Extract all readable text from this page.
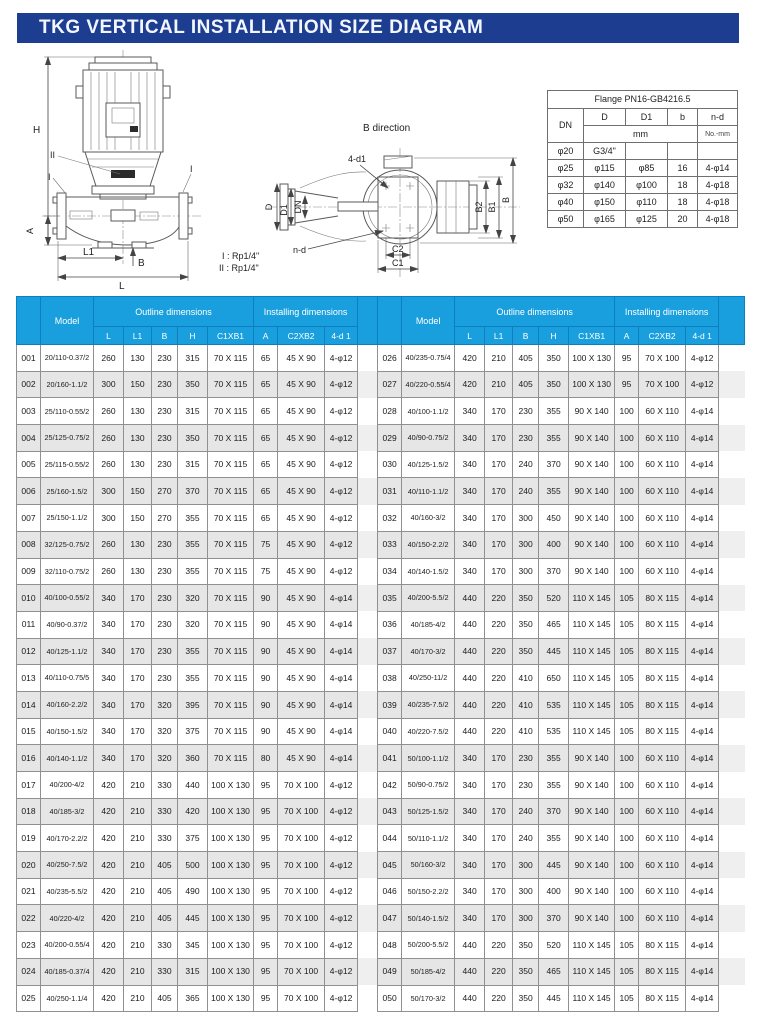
TKG VERTICAL INSTALLATION SIZE DIAGRAM
H
A
II
I
I
L1
B
L
I : Rp1/4"
II : Rp1/4"
B direction
D D1 DN
4-d1
n-d
B2 B1
B
C2
C1
Flange PN16-GB4216.5				
DN	D	D1	b	n-d
	mm			No.-mm
φ20	G3/4"			
φ25	φ115	φ85	16	4-φ14
φ32	φ140	φ100	18	4-φ18
φ40	φ150	φ110	18	4-φ18
φ50	φ165	φ125	20	4-φ18
	Model	Outline dimensions					Installing dimensions					Model	Outline dimensions					Installing dimensions			
		L	L1	B	H	C1XB1	A	C2XB2	4-d 1				L	L1	B	H	C1XB1	A	C2XB2	4-d 1	
001	20/110-0.37/2	260	130	230	315	70 X 115	65	45 X 90	4-φ12		026	40/235-0.75/4	420	210	405	350	100 X 130	95	70 X 100	4-φ12	
002	20/160-1.1/2	300	150	230	350	70 X 115	65	45 X 90	4-φ12		027	40/220-0.55/4	420	210	405	350	100 X 130	95	70 X 100	4-φ12	
003	25/110-0.55/2	260	130	230	315	70 X 115	65	45 X 90	4-φ12		028	40/100-1.1/2	340	170	230	355	90 X 140	100	60 X 110	4-φ14	
004	25/125-0.75/2	260	130	230	350	70 X 115	65	45 X 90	4-φ12		029	40/90-0.75/2	340	170	230	355	90 X 140	100	60 X 110	4-φ14	
005	25/115-0.55/2	260	130	230	315	70 X 115	65	45 X 90	4-φ12		030	40/125-1.5/2	340	170	240	370	90 X 140	100	60 X 110	4-φ14	
006	25/160-1.5/2	300	150	270	370	70 X 115	65	45 X 90	4-φ12		031	40/110-1.1/2	340	170	240	355	90 X 140	100	60 X 110	4-φ14	
007	25/150-1.1/2	300	150	270	355	70 X 115	65	45 X 90	4-φ12		032	40/160-3/2	340	170	300	450	90 X 140	100	60 X 110	4-φ14	
008	32/125-0.75/2	260	130	230	355	70 X 115	75	45 X 90	4-φ12		033	40/150-2.2/2	340	170	300	400	90 X 140	100	60 X 110	4-φ14	
009	32/110-0.75/2	260	130	230	355	70 X 115	75	45 X 90	4-φ12		034	40/140-1.5/2	340	170	300	370	90 X 140	100	60 X 110	4-φ14	
010	40/100-0.55/2	340	170	230	320	70 X 115	90	45 X 90	4-φ14		035	40/200-5.5/2	440	220	350	520	110 X 145	105	80 X 115	4-φ14	
011	40/90-0.37/2	340	170	230	320	70 X 115	90	45 X 90	4-φ14		036	40/185-4/2	440	220	350	465	110 X 145	105	80 X 115	4-φ14	
012	40/125-1.1/2	340	170	230	355	70 X 115	90	45 X 90	4-φ14		037	40/170-3/2	440	220	350	445	110 X 145	105	80 X 115	4-φ14	
013	40/110-0.75/5	340	170	230	355	70 X 115	90	45 X 90	4-φ14		038	40/250-11/2	440	220	410	650	110 X 145	105	80 X 115	4-φ14	
014	40/160-2.2/2	340	170	320	395	70 X 115	90	45 X 90	4-φ14		039	40/235-7.5/2	440	220	410	535	110 X 145	105	80 X 115	4-φ14	
015	40/150-1.5/2	340	170	320	375	70 X 115	90	45 X 90	4-φ14		040	40/220-7.5/2	440	220	410	535	110 X 145	105	80 X 115	4-φ14	
016	40/140-1.1/2	340	170	320	360	70 X 115	80	45 X 90	4-φ14		041	50/100-1.1/2	340	170	230	355	90 X 140	100	60 X 110	4-φ14	
017	40/200-4/2	420	210	330	440	100 X 130	95	70 X 100	4-φ12		042	50/90-0.75/2	340	170	230	355	90 X 140	100	60 X 110	4-φ14	
018	40/185-3/2	420	210	330	420	100 X 130	95	70 X 100	4-φ12		043	50/125-1.5/2	340	170	240	370	90 X 140	100	60 X 110	4-φ14	
019	40/170-2.2/2	420	210	330	375	100 X 130	95	70 X 100	4-φ12		044	50/110-1.1/2	340	170	240	355	90 X 140	100	60 X 110	4-φ14	
020	40/250-7.5/2	420	210	405	500	100 X 130	95	70 X 100	4-φ12		045	50/160-3/2	340	170	300	445	90 X 140	100	60 X 110	4-φ14	
021	40/235-5.5/2	420	210	405	490	100 X 130	95	70 X 100	4-φ12		046	50/150-2.2/2	340	170	300	400	90 X 140	100	60 X 110	4-φ14	
022	40/220-4/2	420	210	405	445	100 X 130	95	70 X 100	4-φ12		047	50/140-1.5/2	340	170	300	370	90 X 140	100	60 X 110	4-φ14	
023	40/200-0.55/4	420	210	330	345	100 X 130	95	70 X 100	4-φ12		048	50/200-5.5/2	440	220	350	520	110 X 145	105	80 X 115	4-φ14	
024	40/185-0.37/4	420	210	330	315	100 X 130	95	70 X 100	4-φ12		049	50/185-4/2	440	220	350	465	110 X 145	105	80 X 115	4-φ14	
025	40/250-1.1/4	420	210	405	365	100 X 130	95	70 X 100	4-φ12		050	50/170-3/2	440	220	350	445	110 X 145	105	80 X 115	4-φ14	
